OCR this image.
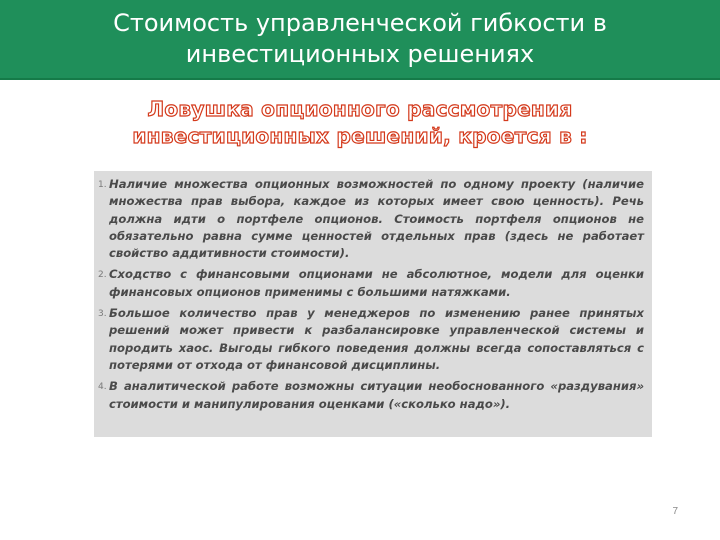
Стоимость управленческой гибкости в
инвестиционных решениях
Ловушка опционного рассмотрения
инвестиционных решений, кроется в :
1. Наличие множества опционных возможностей по одному проекту (наличие множества прав выбора, каждое из которых имеет свою ценность). Речь должна идти о портфеле опционов. Стоимость портфеля опционов не обязательно равна сумме ценностей отдельных прав (здесь не работает свойство аддитивности стоимости).
2. Сходство с финансовыми опционами не абсолютное, модели для оценки финансовых опционов применимы с большими натяжками.
3. Большое количество прав у менеджеров по изменению ранее принятых решений может привести к разбалансировке управленческой системы и породить хаос. Выгоды гибкого поведения должны всегда сопоставляться с потерями от отхода от финансовой дисциплины.
4. В аналитической работе возможны ситуации необоснованного «раздувания» стоимости и манипулирования оценками («сколько надо»).
7
